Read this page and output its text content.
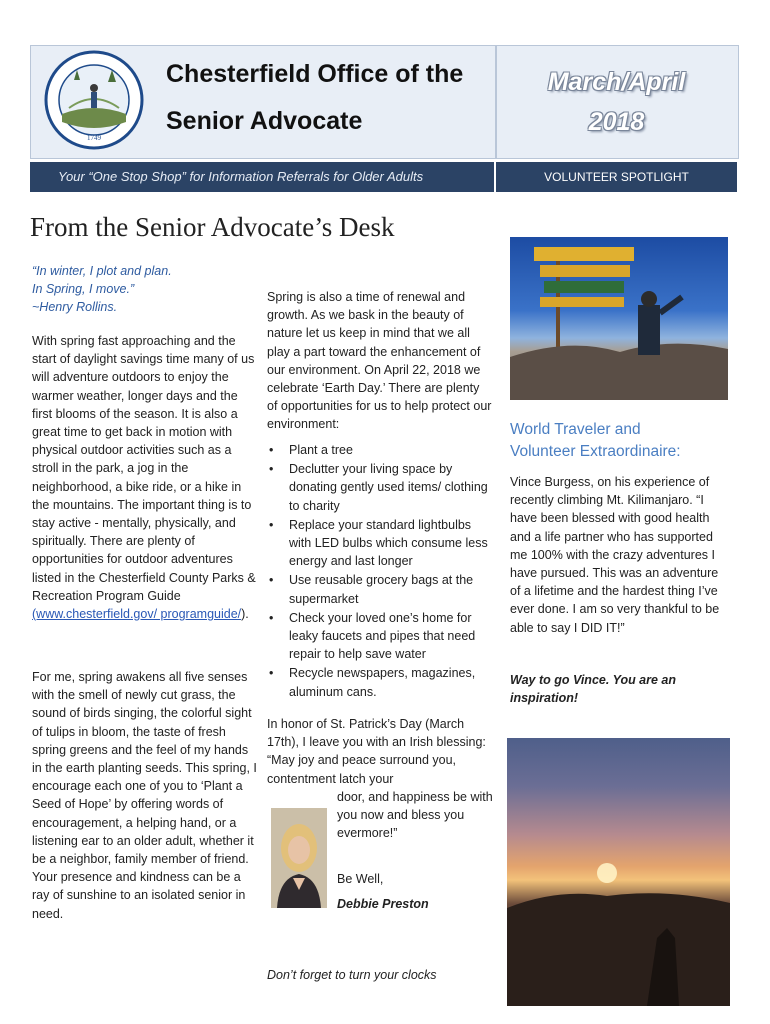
1749
Chesterfield Office of the
Senior Advocate
March/April
2018
Your “One Stop Shop” for Information Referrals for Older Adults	VOLUNTEER SPOTLIGHT
From the Senior Advocate’s Desk
“In winter, I plot and plan.
In Spring, I move.”
~Henry Rollins.
With spring fast approaching and the start of daylight savings time many of us will adventure outdoors to enjoy the warmer weather, longer days and the first blooms of the season. It is also a great time to get back in motion with physical outdoor activities such as a stroll in the park, a jog in the neighborhood, a bike ride, or a hike in the mountains. The important thing is to stay active - mentally, physically, and spiritually. There are plenty of opportunities for outdoor adventures listed in the Chesterfield County Parks & Recreation Program Guide (www.chesterfield.gov/ programguide/).
For me, spring awakens all five senses with the smell of newly cut grass, the sound of birds singing, the colorful sight of tulips in bloom, the taste of fresh spring greens and the feel of my hands in the earth planting seeds. This spring, I encourage each one of you to ‘Plant a Seed of Hope’ by offering words of encouragement, a helping hand, or a listening ear to an older adult, whether it be a neighbor, family member of friend. Your presence and kindness can be a ray of sunshine to an isolated senior in need.
Spring is also a time of renewal and growth. As we bask in the beauty of nature let us keep in mind that we all play a part toward the enhancement of our environment. On April 22, 2018 we celebrate ‘Earth Day.’ There are plenty of opportunities for us to help protect our environment:
• Plant a tree
• Declutter your living space by donating gently used items/ clothing to charity
• Replace your standard lightbulbs with LED bulbs which consume less energy and last longer
• Use reusable grocery bags at the supermarket
• Check your loved one’s home for leaky faucets and pipes that need repair to help save water
• Recycle newspapers, magazines, aluminum cans.
In honor of St. Patrick’s Day (March 17th), I leave you with an Irish blessing: “May joy and peace surround you, contentment latch your
door, and happiness be with you now and bless you evermore!”
Be Well,
Debbie Preston
Don’t forget to turn your clocks
World Traveler and
Volunteer Extraordinaire:
Vince Burgess, on his experience of recently climbing Mt. Kilimanjaro. “I have been blessed with good health and a life partner who has supported me 100% with the crazy adventures I have pursued. This was an adventure of a lifetime and the hardest thing I’ve ever done. I am so very thankful to be able to say I DID IT!”
Way to go Vince. You are an inspiration!
